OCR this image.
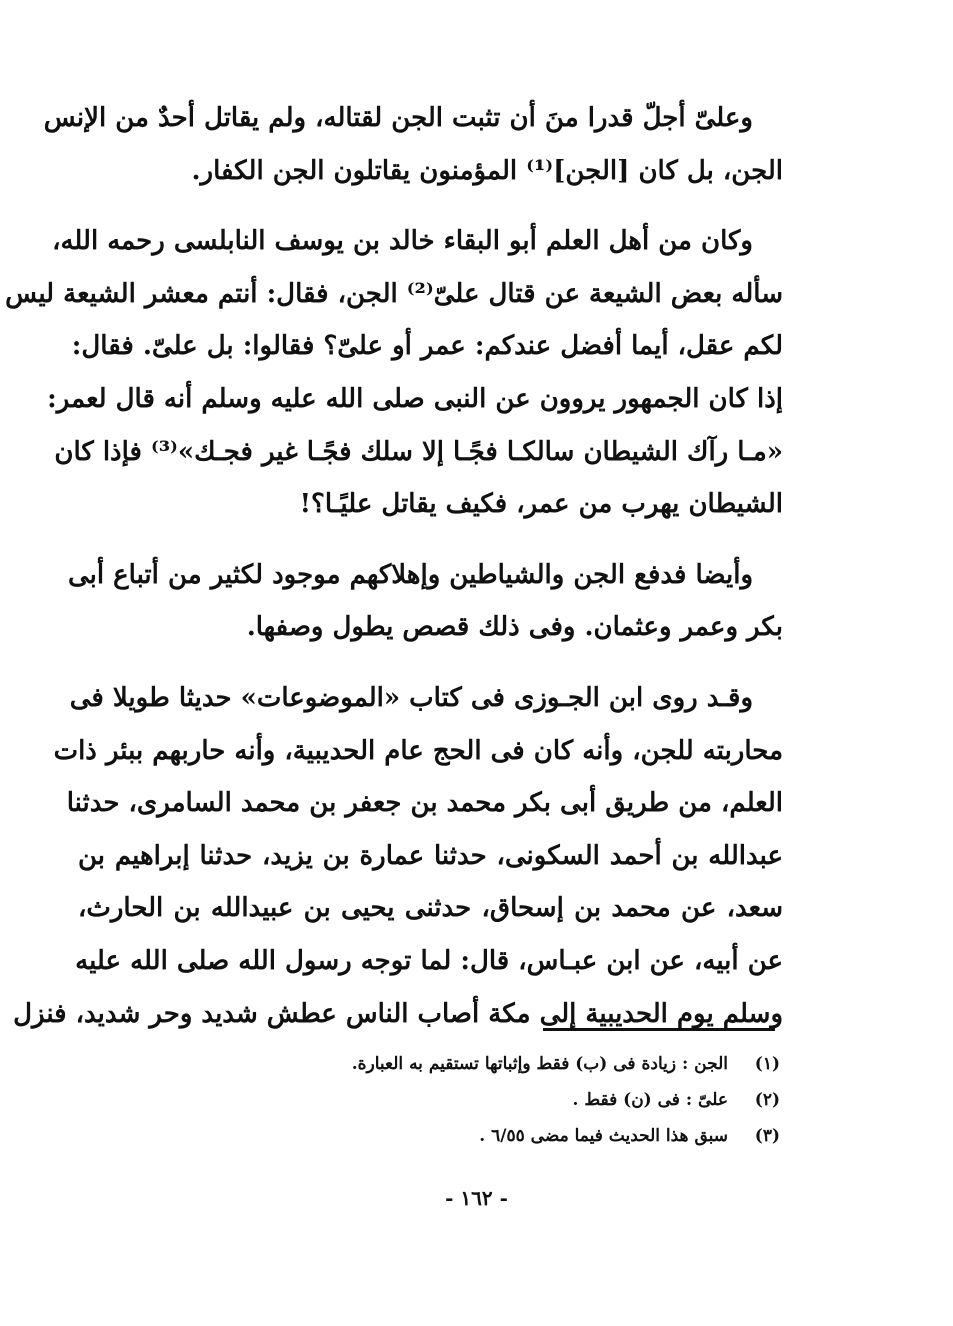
وعلىّ أجلّ قدرا منَ أن تثبت الجن لقتاله، ولم يقاتل أحدٌ من الإنس
الجن، بل كان [الجن]⁽¹⁾ المؤمنون يقاتلون الجن الكفار.
وكان من أهل العلم أبو البقاء خالد بن يوسف النابلسى رحمه الله،
سأله بعض الشيعة عن قتال علىّ⁽²⁾ الجن، فقال: أنتم معشر الشيعة ليس
لكم عقل، أيما أفضل عندكم: عمر أو علىّ؟ فقالوا: بل علىّ. فقال:
إذا كان الجمهور يروون عن النبى صلى الله عليه وسلم أنه قال لعمر:
«مـا رآك الشيطان سالكـا فجًـا إلا سلك فجًـا غير فجـك»⁽³⁾ فإذا كان
الشيطان يهرب من عمر، فكيف يقاتل عليًـا؟!
وأيضا فدفع الجن والشياطين وإهلاكهم موجود لكثير من أتباع أبى
بكر وعمر وعثمان. وفى ذلك قصص يطول وصفها.
وقـد روى ابن الجـوزى فى كتاب «الموضوعات» حديثا طويلا فى
محاربته للجن، وأنه كان فى الحج عام الحديبية، وأنه حاربهم ببئر ذات
العلم، من طريق أبى بكر محمد بن جعفر بن محمد السامرى، حدثنا
عبدالله بن أحمد السكونى، حدثنا عمارة بن يزيد، حدثنا إبراهيم بن
سعد، عن محمد بن إسحاق، حدثنى يحيى بن عبيدالله بن الحارث،
عن أبيه، عن ابن عبـاس، قال: لما توجه رسول الله صلى الله عليه
وسلم يوم الحديبية إلى مكة أصاب الناس عطش شديد وحر شديد، فنزل
(١)
الجن : زيادة فى (ب) فقط وإثباتها تستقيم به العبارة.
(٢)
علىّ : فى (ن) فقط .
(٣)
سبق هذا الحديث فيما مضى ٦/٥٥ .
- ١٦٢ -
